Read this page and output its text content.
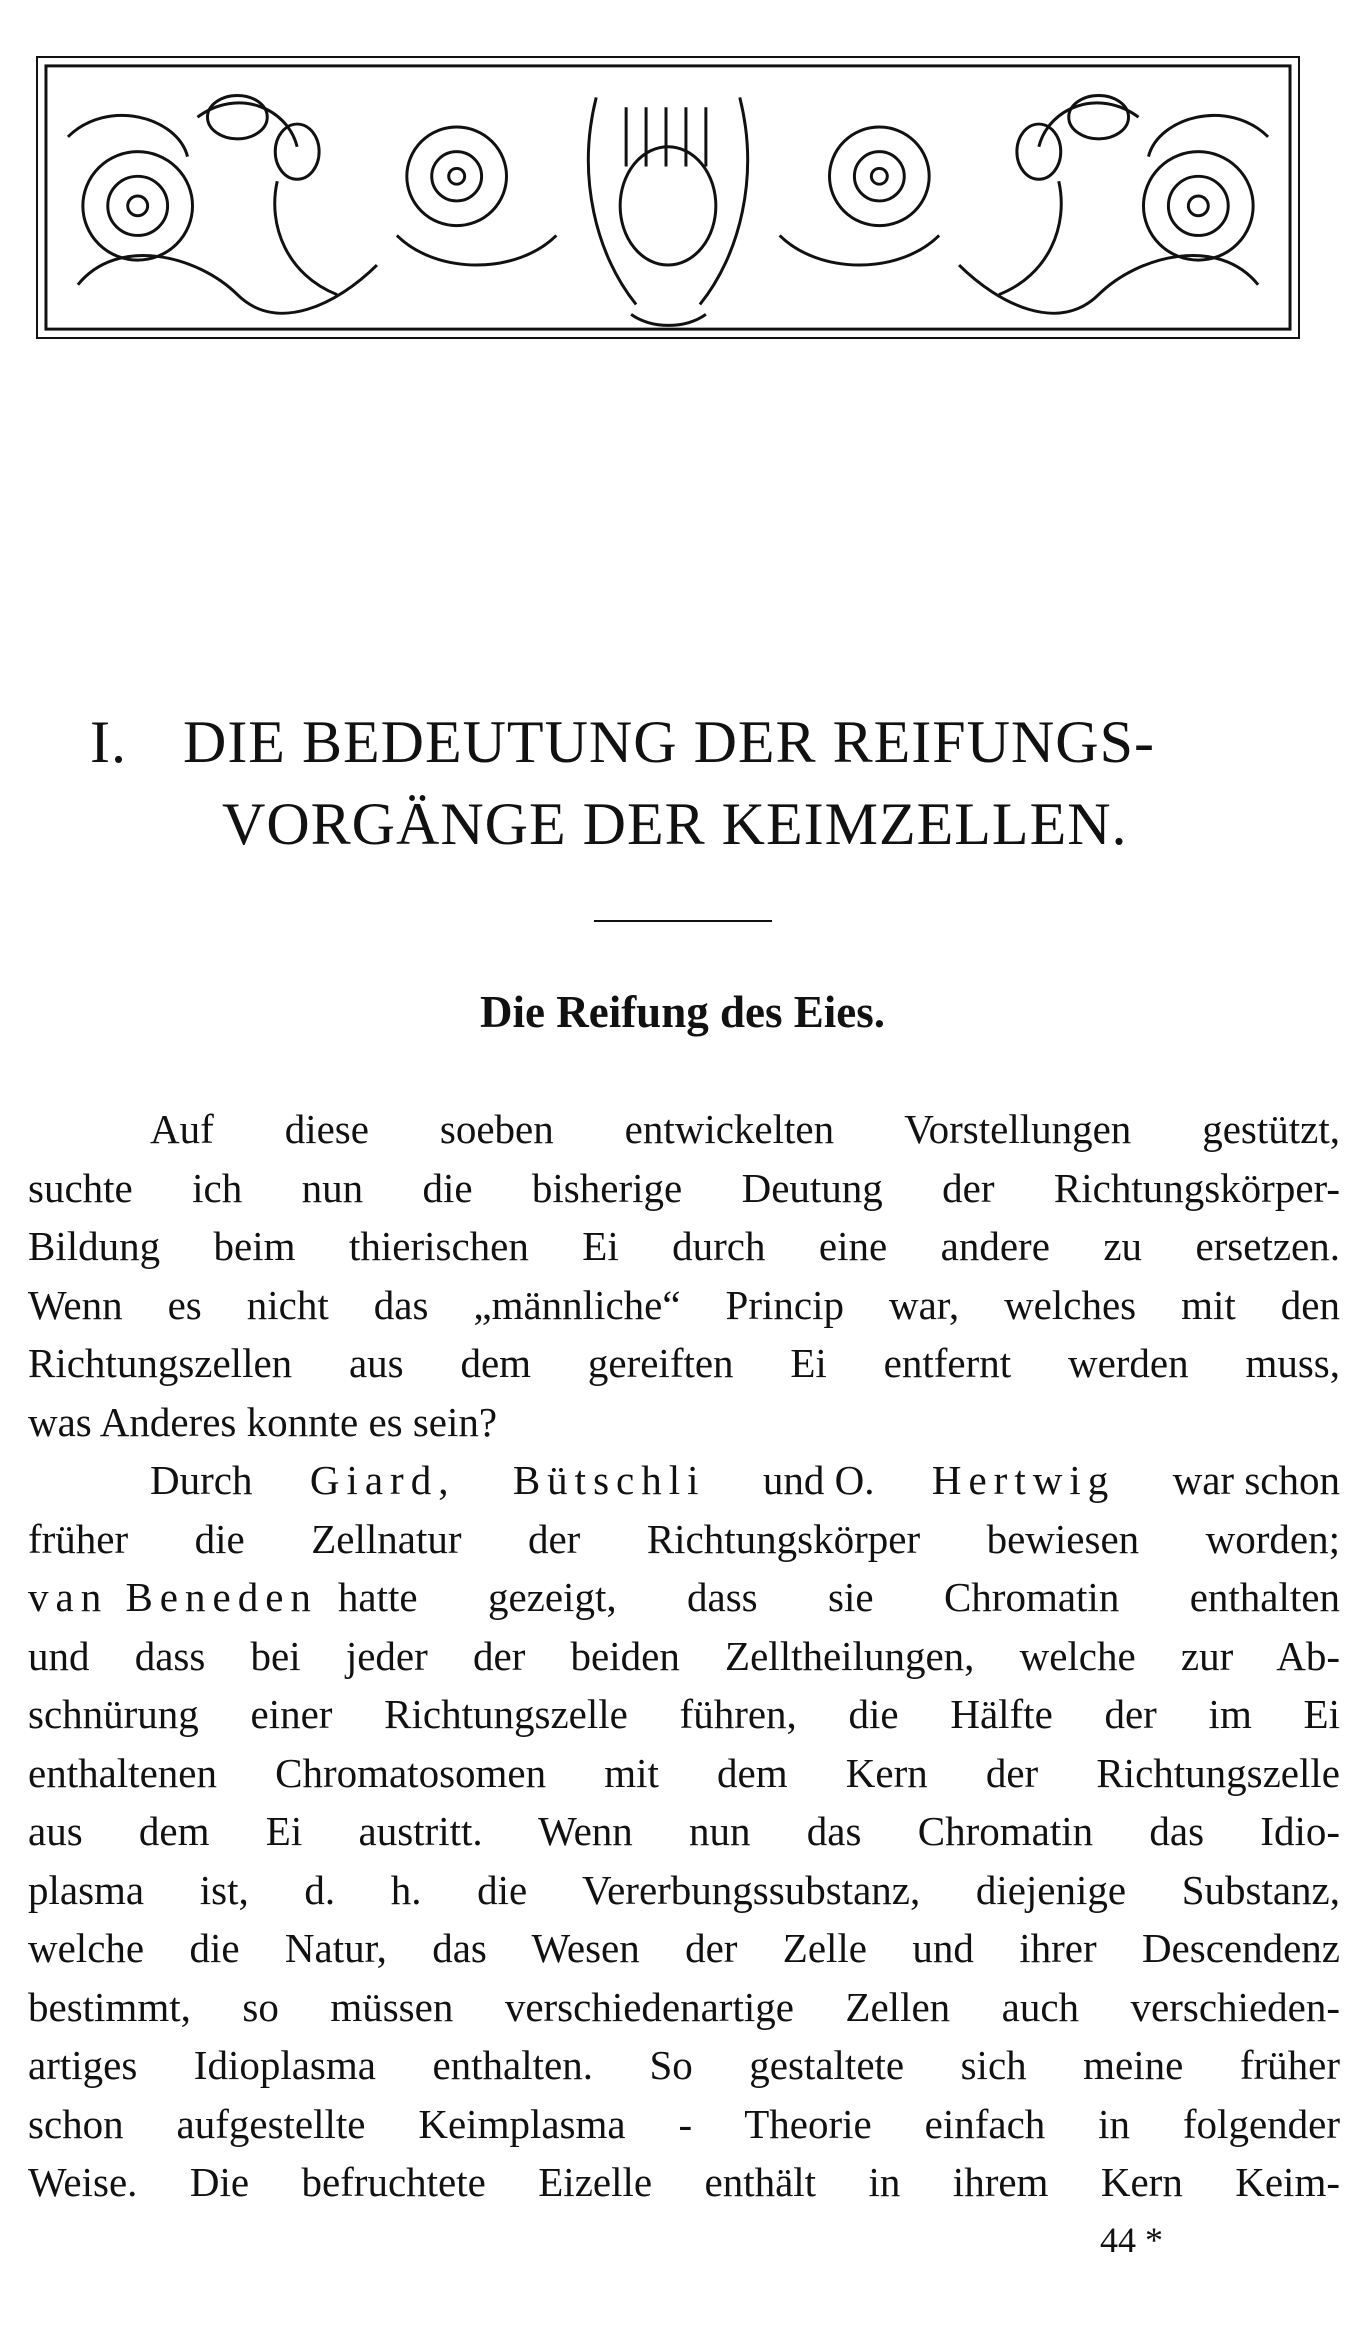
I. DIE BEDEUTUNG DER REIFUNGS-
VORGÄNGE DER KEIMZELLEN.
Die Reifung des Eies.
Auf diese soeben entwickelten Vorstellungen gestützt,
suchte ich nun die bisherige Deutung der Richtungskörper-
Bildung beim thierischen Ei durch eine andere zu ersetzen.
Wenn es nicht das „männliche“ Princip war, welches mit den
Richtungszellen aus dem gereiften Ei entfernt werden muss,
was Anderes konnte es sein?
Durch Giard, Bütschli und O. Hertwig war schon
früher die Zellnatur der Richtungskörper bewiesen worden;
van Beneden hatte gezeigt, dass sie Chromatin enthalten
und dass bei jeder der beiden Zelltheilungen, welche zur Ab-
schnürung einer Richtungszelle führen, die Hälfte der im Ei
enthaltenen Chromatosomen mit dem Kern der Richtungszelle
aus dem Ei austritt. Wenn nun das Chromatin das Idio-
plasma ist, d. h. die Vererbungssubstanz, diejenige Substanz,
welche die Natur, das Wesen der Zelle und ihrer Descendenz
bestimmt, so müssen verschiedenartige Zellen auch verschieden-
artiges Idioplasma enthalten. So gestaltete sich meine früher
schon aufgestellte Keimplasma - Theorie einfach in folgender
Weise. Die befruchtete Eizelle enthält in ihrem Kern Keim-
44 *
